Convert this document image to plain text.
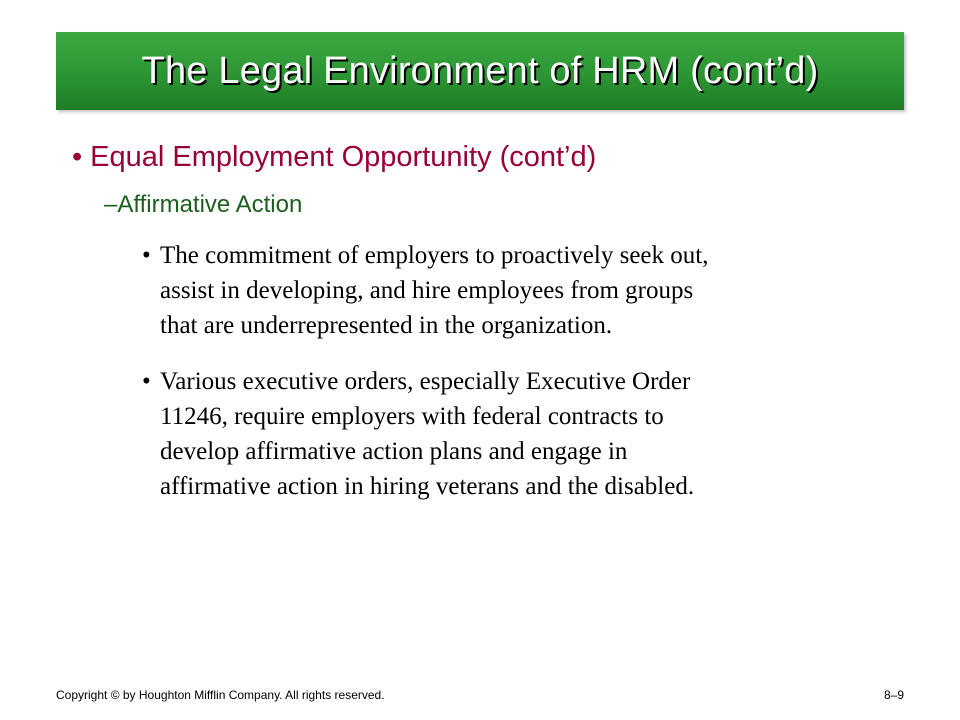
The Legal Environment of HRM (cont’d)
• Equal Employment Opportunity (cont’d)
–Affirmative Action
• The commitment of employers to proactively seek out,
assist in developing, and hire employees from groups
that are underrepresented in the organization.
• Various executive orders, especially Executive Order
11246, require employers with federal contracts to
develop affirmative action plans and engage in
affirmative action in hiring veterans and the disabled.
Copyright © by Houghton Mifflin Company. All rights reserved.	8–9
